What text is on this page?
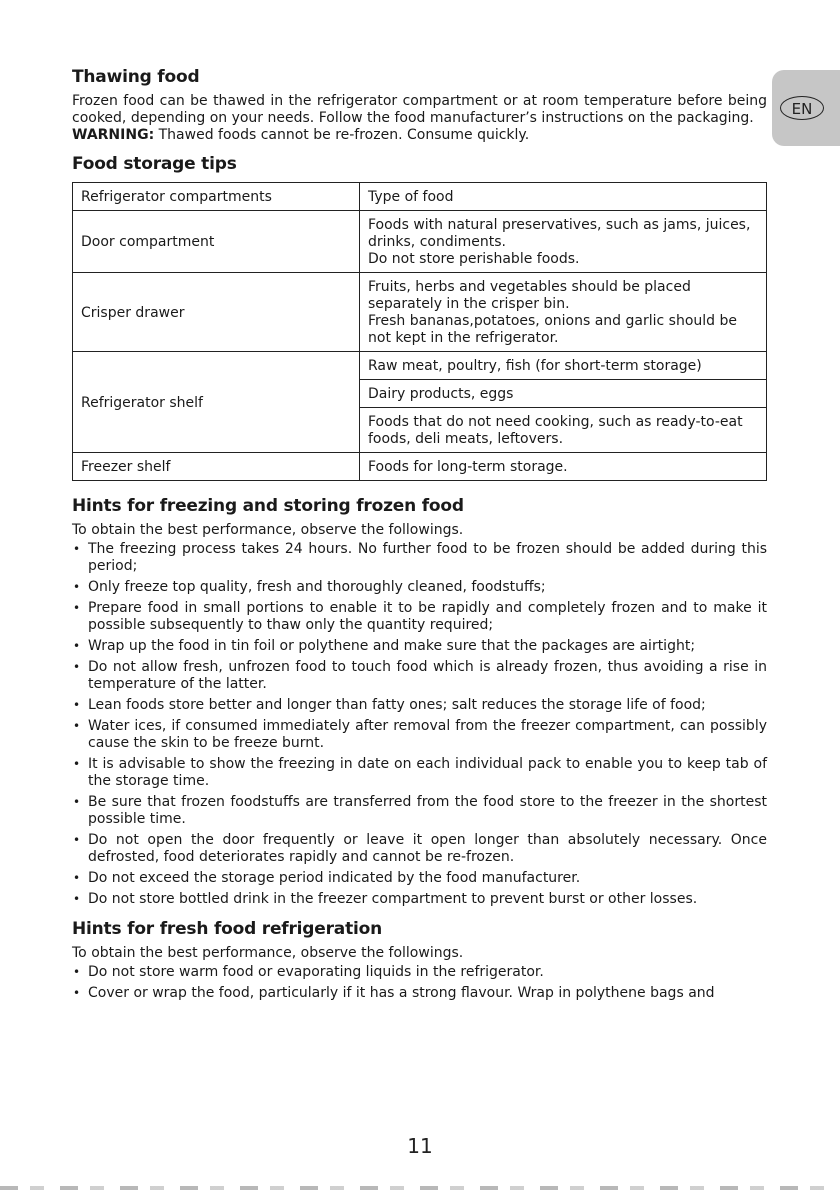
EN
Thawing food

Frozen food can be thawed in the refrigerator compartment or at room temperature before being cooked, depending on your needs. Follow the food manufacturer’s instructions on the packaging.

WARNING: Thawed foods cannot be re-frozen. Consume quickly.

Food storage tips
Refrigerator compartments	Type of food
Door compartment	Foods with natural preservatives, such as jams, juices, drinks, condiments.
Do not store perishable foods.

Crisper drawer	Fruits, herbs and vegetables should be placed separately in the crisper bin.
Fresh bananas,potatoes, onions and garlic should be not kept in the refrigerator.

Refrigerator shelf	Raw meat, poultry, fish (for short-term storage)
	Dairy products, eggs
	Foods that do not need cooking, such as ready-to-eat foods, deli meats, leftovers.
Freezer shelf	Foods for long-term storage.
Hints for freezing and storing frozen food

To obtain the best performance, observe the followings.

• The freezing process takes 24 hours. No further food to be frozen should be added during this period;
• Only freeze top quality, fresh and thoroughly cleaned, foodstuffs;
• Prepare food in small portions to enable it to be rapidly and completely frozen and to make it possible subsequently to thaw only the quantity required;
• Wrap up the food in tin foil or polythene and make sure that the packages are airtight;
• Do not allow fresh, unfrozen food to touch food which is already frozen, thus avoiding a rise in temperature of the latter.
• Lean foods store better and longer than fatty ones; salt reduces the storage life of food;
• Water ices, if consumed immediately after removal from the freezer compartment, can possibly cause the skin to be freeze burnt.
• It is advisable to show the freezing in date on each individual pack to enable you to keep tab of the storage time.
• Be sure that frozen foodstuffs are transferred from the food store to the freezer in the shortest possible time.
• Do not open the door frequently or leave it open longer than absolutely necessary. Once defrosted, food deteriorates rapidly and cannot be re-frozen.
• Do not exceed the storage period indicated by the food manufacturer.
• Do not store bottled drink in the freezer compartment to prevent burst or other losses.
Hints for fresh food refrigeration

To obtain the best performance, observe the followings.

• Do not store warm food or evaporating liquids in the refrigerator.
• Cover or wrap the food, particularly if it has a strong flavour. Wrap in polythene bags and
11
